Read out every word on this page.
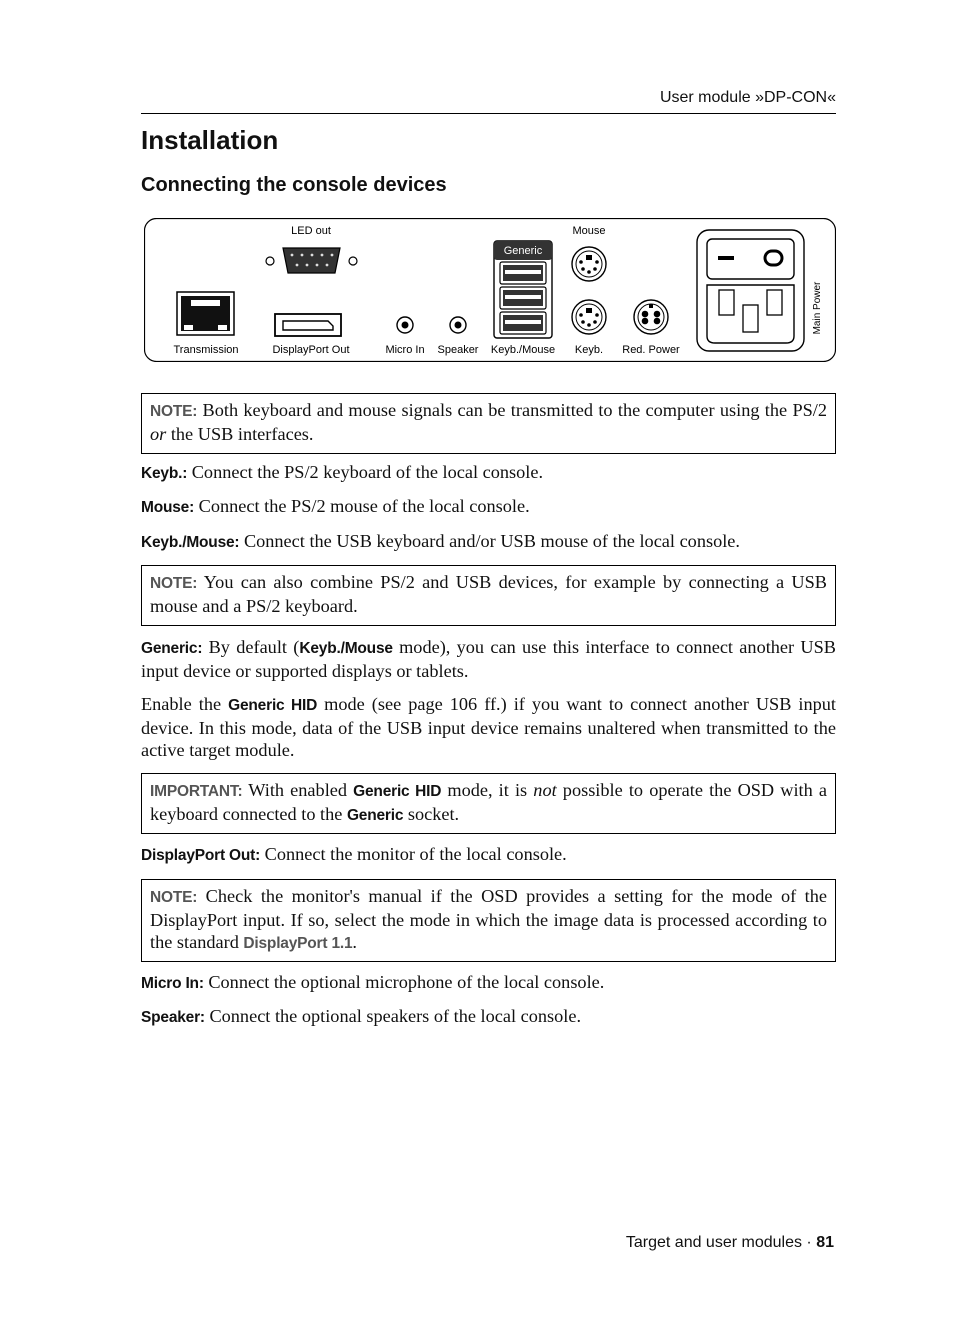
User module »DP-CON«
Installation
Connecting the console devices
Generic
Main Power
LED out	Mouse
Transmission	DisplayPort Out	Micro In Speaker Keyb./Mouse Keyb. Red. Power

NOTE: Both keyboard and mouse signals can be transmitted to the computer using the PS/2 or the USB interfaces.

Keyb.: Connect the PS/2 keyboard of the local console.

Mouse: Connect the PS/2 mouse of the local console.

Keyb./Mouse: Connect the USB keyboard and/or USB mouse of the local console.

NOTE: You can also combine PS/2 and USB devices, for example by connecting a USB mouse and a PS/2 keyboard.

Generic: By default (Keyb./Mouse mode), you can use this interface to connect another USB input device or supported displays or tablets.

Enable the Generic HID mode (see page 106 ff.) if you want to connect another USB input device. In this mode, data of the USB input device remains unaltered when transmitted to the active target module.

IMPORTANT: With enabled Generic HID mode, it is not possible to operate the OSD with a keyboard connected to the Generic socket.

DisplayPort Out: Connect the monitor of the local console.

NOTE: Check the monitor's manual if the OSD provides a setting for the mode of the DisplayPort input. If so, select the mode in which the image data is processed according to the standard DisplayPort 1.1.

Micro In: Connect the optional microphone of the local console.

Speaker: Connect the optional speakers of the local console.

Target and user modules · 81
